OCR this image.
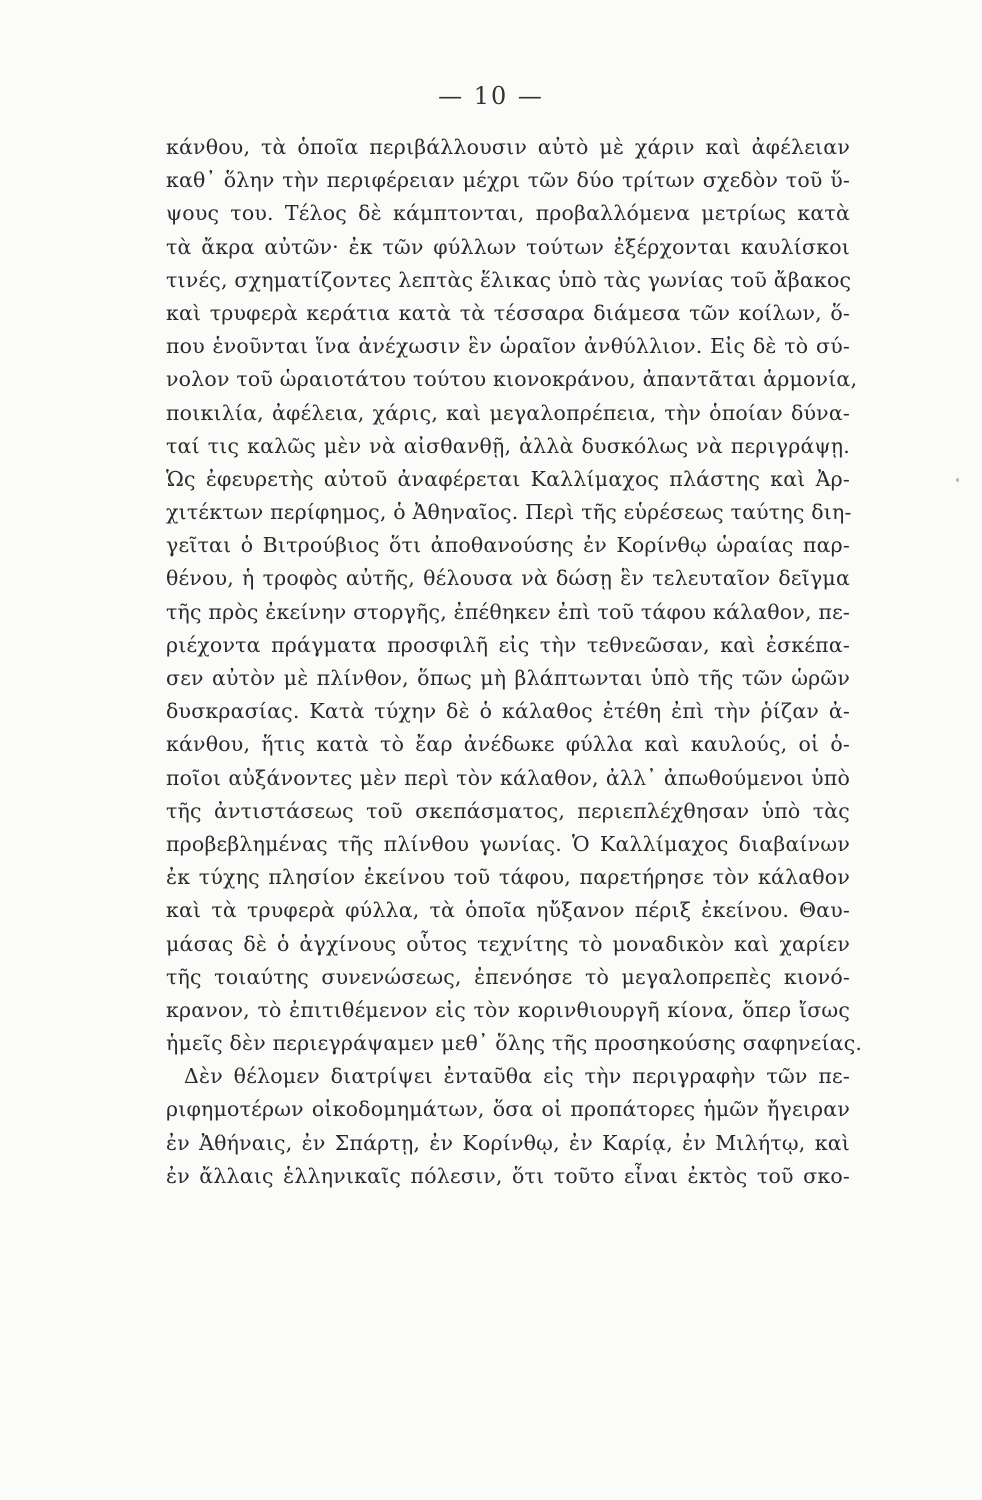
— 10 —
κάνθου, τὰ ὁποῖα περιβάλλουσιν αὐτὸ μὲ χάριν καὶ ἀφέλειαν
καθ᾽ ὅλην τὴν περιφέρειαν μέχρι τῶν δύο τρίτων σχεδὸν τοῦ ὕ-
ψους του. Τέλος δὲ κάμπτονται, προβαλλόμενα μετρίως κατὰ
τὰ ἄκρα αὐτῶν· ἐκ τῶν φύλλων τούτων ἐξέρχονται καυλίσκοι
τινές, σχηματίζοντες λεπτὰς ἕλικας ὑπὸ τὰς γωνίας τοῦ ἄβακος
καὶ τρυφερὰ κεράτια κατὰ τὰ τέσσαρα διάμεσα τῶν κοίλων, ὅ-
που ἑνοῦνται ἵνα ἀνέχωσιν ἓν ὡραῖον ἀνθύλλιον. Εἰς δὲ τὸ σύ-
νολον τοῦ ὡραιοτάτου τούτου κιονοκράνου, ἀπαντᾶται ἁρμονία,
ποικιλία, ἀφέλεια, χάρις, καὶ μεγαλοπρέπεια, τὴν ὁποίαν δύνα-
ταί τις καλῶς μὲν νὰ αἰσθανθῇ, ἀλλὰ δυσκόλως νὰ περιγράψῃ.
Ὡς ἐφευρετὴς αὐτοῦ ἀναφέρεται Καλλίμαχος πλάστης καὶ Ἀρ-
χιτέκτων περίφημος, ὁ Ἀθηναῖος. Περὶ τῆς εὑρέσεως ταύτης διη-
γεῖται ὁ Βιτρούβιος ὅτι ἀποθανούσης ἐν Κορίνθῳ ὡραίας παρ-
θένου, ἡ τροφὸς αὐτῆς, θέλουσα νὰ δώσῃ ἓν τελευταῖον δεῖγμα
τῆς πρὸς ἐκείνην στοργῆς, ἐπέθηκεν ἐπὶ τοῦ τάφου κάλαθον, πε-
ριέχοντα πράγματα προσφιλῆ εἰς τὴν τεθνεῶσαν, καὶ ἐσκέπα-
σεν αὐτὸν μὲ πλίνθον, ὅπως μὴ βλάπτωνται ὑπὸ τῆς τῶν ὡρῶν
δυσκρασίας. Κατὰ τύχην δὲ ὁ κάλαθος ἐτέθη ἐπὶ τὴν ῥίζαν ἀ-
κάνθου, ἥτις κατὰ τὸ ἔαρ ἀνέδωκε φύλλα καὶ καυλούς, οἱ ὁ-
ποῖοι αὐξάνοντες μὲν περὶ τὸν κάλαθον, ἀλλ᾽ ἀπωθούμενοι ὑπὸ
τῆς ἀντιστάσεως τοῦ σκεπάσματος, περιεπλέχθησαν ὑπὸ τὰς
προβεβλημένας τῆς πλίνθου γωνίας. Ὁ Καλλίμαχος διαβαίνων
ἐκ τύχης πλησίον ἐκείνου τοῦ τάφου, παρετήρησε τὸν κάλαθον
καὶ τὰ τρυφερὰ φύλλα, τὰ ὁποῖα ηὔξανον πέριξ ἐκείνου. Θαυ-
μάσας δὲ ὁ ἀγχίνους οὗτος τεχνίτης τὸ μοναδικὸν καὶ χαρίεν
τῆς τοιαύτης συνενώσεως, ἐπενόησε τὸ μεγαλοπρεπὲς κιονό-
κρανον, τὸ ἐπιτιθέμενον εἰς τὸν κορινθιουργῆ κίονα, ὅπερ ἴσως
ἡμεῖς δὲν περιεγράψαμεν μεθ᾽ ὅλης τῆς προσηκούσης σαφηνείας.
Δὲν θέλομεν διατρίψει ἐνταῦθα εἰς τὴν περιγραφὴν τῶν πε-
ριφημοτέρων οἰκοδομημάτων, ὅσα οἱ προπάτορες ἡμῶν ἤγειραν
ἐν Ἀθήναις, ἐν Σπάρτῃ, ἐν Κορίνθῳ, ἐν Καρίᾳ, ἐν Μιλήτῳ, καὶ
ἐν ἄλλαις ἑλληνικαῖς πόλεσιν, ὅτι τοῦτο εἶναι ἐκτὸς τοῦ σκο-
